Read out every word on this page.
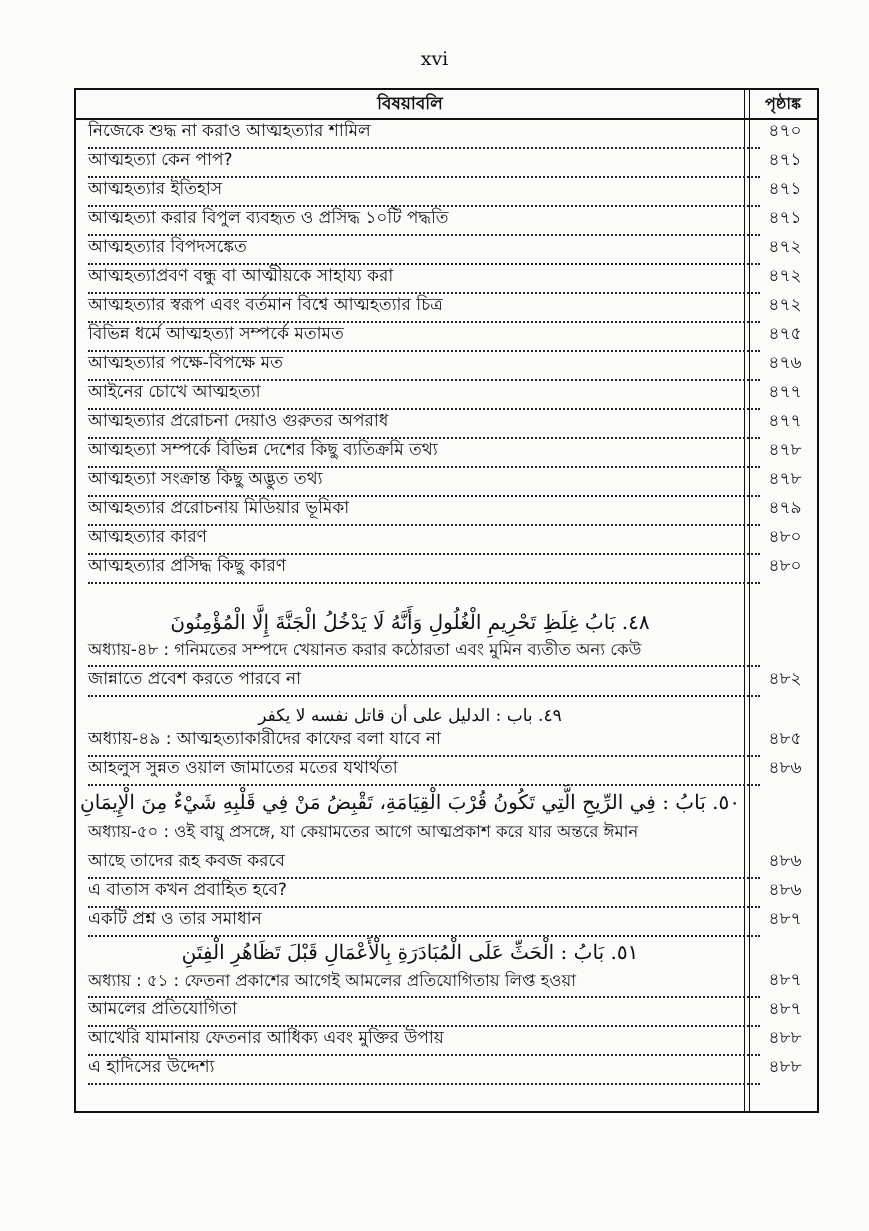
xvi
বিষয়াবলি	পৃষ্ঠাঙ্ক
নিজেকে শুদ্ধ না করাও আত্মহত্যার শামিল	৪৭০
আত্মহত্যা কেন পাপ?	৪৭১
আত্মহত্যার ইতিহাস	৪৭১
আত্মহত্যা করার বিপুল ব্যবহৃত ও প্রসিদ্ধ ১০টি পদ্ধতি	৪৭১
আত্মহত্যার বিপদসঙ্কেত	৪৭২
আত্মহত্যাপ্রবণ বন্ধু বা আত্মীয়কে সাহায্য করা	৪৭২
আত্মহত্যার স্বরূপ এবং বর্তমান বিশ্বে আত্মহত্যার চিত্র	৪৭২
বিভিন্ন ধর্মে আত্মহত্যা সম্পর্কে মতামত	৪৭৫
আত্মহত্যার পক্ষে-বিপক্ষে মত	৪৭৬
আইনের চোখে আত্মহত্যা	৪৭৭
আত্মহত্যার প্ররোচনা দেয়াও গুরুতর অপরাধ	৪৭৭
আত্মহত্যা সম্পর্কে বিভিন্ন দেশের কিছু ব্যতিক্রমি তথ্য	৪৭৮
আত্মহত্যা সংক্রান্ত কিছু অদ্ভুত তথ্য	৪৭৮
আত্মহত্যার প্ররোচনায় মিডিয়ার ভূমিকা	৪৭৯
আত্মহত্যার কারণ	৪৮০
আত্মহত্যার প্রসিদ্ধ কিছু কারণ	৪৮০
٤٨. بَابُ غِلَظِ تَحْرِيمِ الْغُلُولِ وَأَنَّهُ لَا يَدْخُلُ الْجَنَّةَ إِلَّا الْمُؤْمِنُونَ
অধ্যায়-৪৮ : গনিমতের সম্পদে খেয়ানত করার কঠোরতা এবং মুমিন ব্যতীত অন্য কেউ
জান্নাতে প্রবেশ করতে পারবে না	৪৮২
٤٩. باب : الدليل على أن قاتل نفسه لا يكفر
অধ্যায়-৪৯ : আত্মহত্যাকারীদের কাফের বলা যাবে না	৪৮৫
আহলুস সুন্নত ওয়াল জামাতের মতের যথার্থতা	৪৮৬
٥٠. بَابُ : فِي الرِّيحِ الَّتِي تَكُونُ قُرْبَ الْقِيَامَةِ، تَقْبِضُ مَنْ فِي قَلْبِهِ شَيْءٌ مِنَ الْإِيمَانِ
অধ্যায়-৫০ : ওই বায়ু প্রসঙ্গে, যা কেয়ামতের আগে আত্মপ্রকাশ করে যার অন্তরে ঈমান
আছে তাদের রূহ কবজ করবে	৪৮৬
এ বাতাস কখন প্রবাহিত হবে?	৪৮৬
একটি প্রশ্ন ও তার সমাধান	৪৮৭
٥١. بَابُ : الْحَثِّ عَلَى الْمُبَادَرَةِ بِالْأَعْمَالِ قَبْلَ تَظَاهُرِ الْفِتَنِ
অধ্যায় : ৫১ : ফেতনা প্রকাশের আগেই আমলের প্রতিযোগিতায় লিপ্ত হওয়া	৪৮৭
আমলের প্রতিযোগিতা	৪৮৭
আখেরি যামানায় ফেতনার আধিক্য এবং মুক্তির উপায়	৪৮৮
এ হাদিসের উদ্দেশ্য	৪৮৮
